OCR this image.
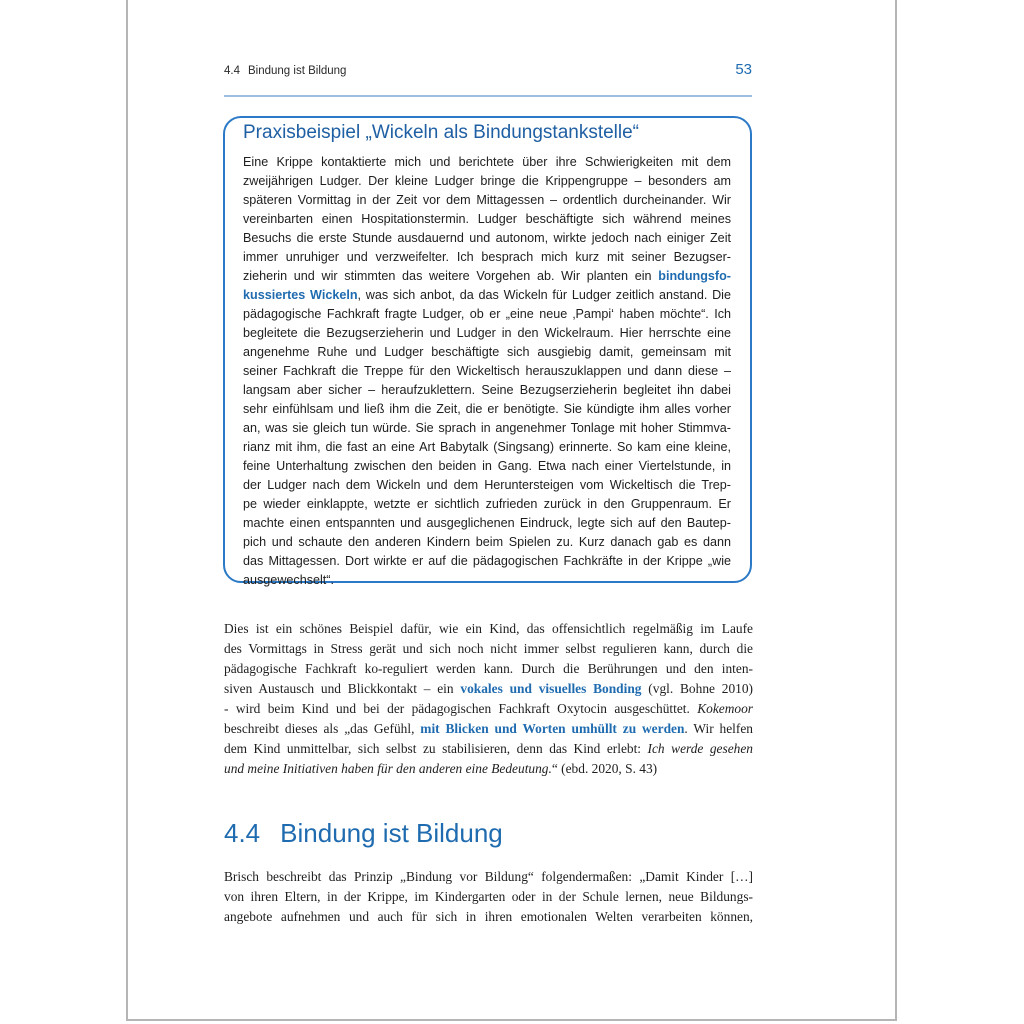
4.4 Bindung ist Bildung	53
Praxisbeispiel „Wickeln als Bindungstankstelle“
Eine Krippe kontaktierte mich und berichtete über ihre Schwierigkeiten mit dem
zweijährigen Ludger. Der kleine Ludger bringe die Krippengruppe – besonders am
späteren Vormittag in der Zeit vor dem Mittagessen – ordentlich durcheinander. Wir
vereinbarten einen Hospitationstermin. Ludger beschäftigte sich während meines
Besuchs die erste Stunde ausdauernd und autonom, wirkte jedoch nach einiger Zeit
immer unruhiger und verzweifelter. Ich besprach mich kurz mit seiner Bezugser-
zieherin und wir stimmten das weitere Vorgehen ab. Wir planten ein bindungsfo-
kussiertes Wickeln, was sich anbot, da das Wickeln für Ludger zeitlich anstand. Die
pädagogische Fachkraft fragte Ludger, ob er „eine neue ‚Pampi‘ haben möchte“. Ich
begleitete die Bezugserzieherin und Ludger in den Wickelraum. Hier herrschte eine
angenehme Ruhe und Ludger beschäftigte sich ausgiebig damit, gemeinsam mit
seiner Fachkraft die Treppe für den Wickeltisch herauszuklappen und dann diese –
langsam aber sicher – heraufzuklettern. Seine Bezugserzieherin begleitet ihn dabei
sehr einfühlsam und ließ ihm die Zeit, die er benötigte. Sie kündigte ihm alles vorher
an, was sie gleich tun würde. Sie sprach in angenehmer Tonlage mit hoher Stimmva-
rianz mit ihm, die fast an eine Art Babytalk (Singsang) erinnerte. So kam eine kleine,
feine Unterhaltung zwischen den beiden in Gang. Etwa nach einer Viertelstunde, in
der Ludger nach dem Wickeln und dem Heruntersteigen vom Wickeltisch die Trep-
pe wieder einklappte, wetzte er sichtlich zufrieden zurück in den Gruppenraum. Er
machte einen entspannten und ausgeglichenen Eindruck, legte sich auf den Bautep-
pich und schaute den anderen Kindern beim Spielen zu. Kurz danach gab es dann
das Mittagessen. Dort wirkte er auf die pädagogischen Fachkräfte in der Krippe „wie
ausgewechselt“.
Dies ist ein schönes Beispiel dafür, wie ein Kind, das offensichtlich regelmäßig im Laufe
des Vormittags in Stress gerät und sich noch nicht immer selbst regulieren kann, durch die
pädagogische Fachkraft ko-reguliert werden kann. Durch die Berührungen und den inten-
siven Austausch und Blickkontakt – ein vokales und visuelles Bonding (vgl. Bohne 2010)
- wird beim Kind und bei der pädagogischen Fachkraft Oxytocin ausgeschüttet. Kokemoor
beschreibt dieses als „das Gefühl, mit Blicken und Worten umhüllt zu werden. Wir helfen
dem Kind unmittelbar, sich selbst zu stabilisieren, denn das Kind erlebt: Ich werde gesehen
und meine Initiativen haben für den anderen eine Bedeutung.“ (ebd. 2020, S. 43)
4.4 Bindung ist Bildung
Brisch beschreibt das Prinzip „Bindung vor Bildung“ folgendermaßen: „Damit Kinder […]
von ihren Eltern, in der Krippe, im Kindergarten oder in der Schule lernen, neue Bildungs-
angebote aufnehmen und auch für sich in ihren emotionalen Welten verarbeiten können,
